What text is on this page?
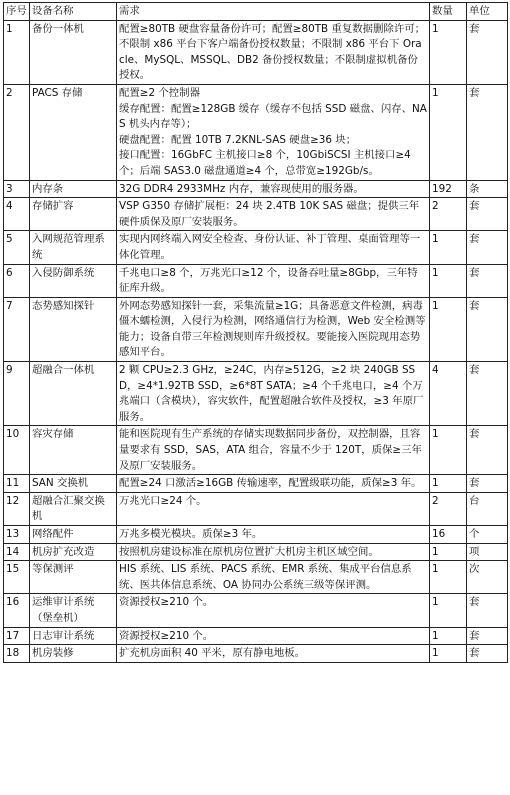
序号	设备名称	需求	数量	单位
1	备份一体机	配置≥80TB 硬盘容量备份许可；配置≥80TB 重复数据删除许可；不限制 x86 平台下客户端备份授权数量；不限制 x86 平台下 Oracle、MySQL、MSSQL、DB2 备份授权数量；不限制虚拟机备份授权。	1	套
2	PACS 存储	配置≥2 个控制器
缓存配置：配置≥128GB 缓存（缓存不包括 SSD 磁盘、闪存、NAS 机头内存等）；
硬盘配置：配置 10TB 7.2KNL-SAS 硬盘≥36 块；
接口配置：16GbFC 主机接口≥8 个，10GbiSCSI 主机接口≥4 个；后端 SAS3.0 磁盘通道≥4 个，总带宽≥192Gb/s。	1	套
3	内存条	32G DDR4 2933MHz 内存，兼容现使用的服务器。	192	条
4	存储扩容	VSP G350 存储扩展柜：24 块 2.4TB 10K SAS 磁盘；提供三年硬件质保及原厂安装服务。	2	套
5	入网规范管理系统	实现内网终端入网安全检查、身份认证、补丁管理、桌面管理等一体化管理。	1	套
6	入侵防御系统	千兆电口≥8 个，万兆光口≥12 个，设备吞吐量≥8Gbp，三年特征库升级。	1	套
7	态势感知探针	外网态势感知探针一套，采集流量≥1G；具备恶意文件检测，病毒僵木蠕检测，入侵行为检测，网络通信行为检测，Web 安全检测等能力；设备自带三年检测规则库升级授权。要能接入医院现用态势感知平台。	1	套
9	超融合一体机	2 颗 CPU≥2.3 GHz，≥24C，内存≥512G，≥2 块 240GB SSD，≥4*1.92TB SSD，≥6*8T SATA；≥4 个千兆电口，≥4 个万兆端口（含模块），容灾软件，配置超融合软件及授权，≥3 年原厂服务。	4	套
10	容灾存储	能和医院现有生产系统的存储实现数据同步备份，双控制器，且容量要求有 SSD，SAS，ATA 组合，容量不少于 120T，质保≥三年及原厂安装服务。	1	套
11	SAN 交换机	配置≥24 口激活≥16GB 传输速率，配置级联功能，质保≥3 年。	1	套
12	超融合汇聚交换机	万兆光口≥24 个。	2	台
13	网络配件	万兆多模光模块。质保≥3 年。	16	个
14	机房扩充改造	按照机房建设标准在原机房位置扩大机房主机区域空间。	1	项
15	等保测评	HIS 系统、LIS 系统、PACS 系统、EMR 系统、集成平台信息系统、医共体信息系统、OA 协同办公系统三级等保评测。	1	次
16	运维审计系统（堡垒机）	资源授权≥210 个。	1	套
17	日志审计系统	资源授权≥210 个。	1	套
18	机房装修	扩充机房面积 40 平米，原有静电地板。	1	套
